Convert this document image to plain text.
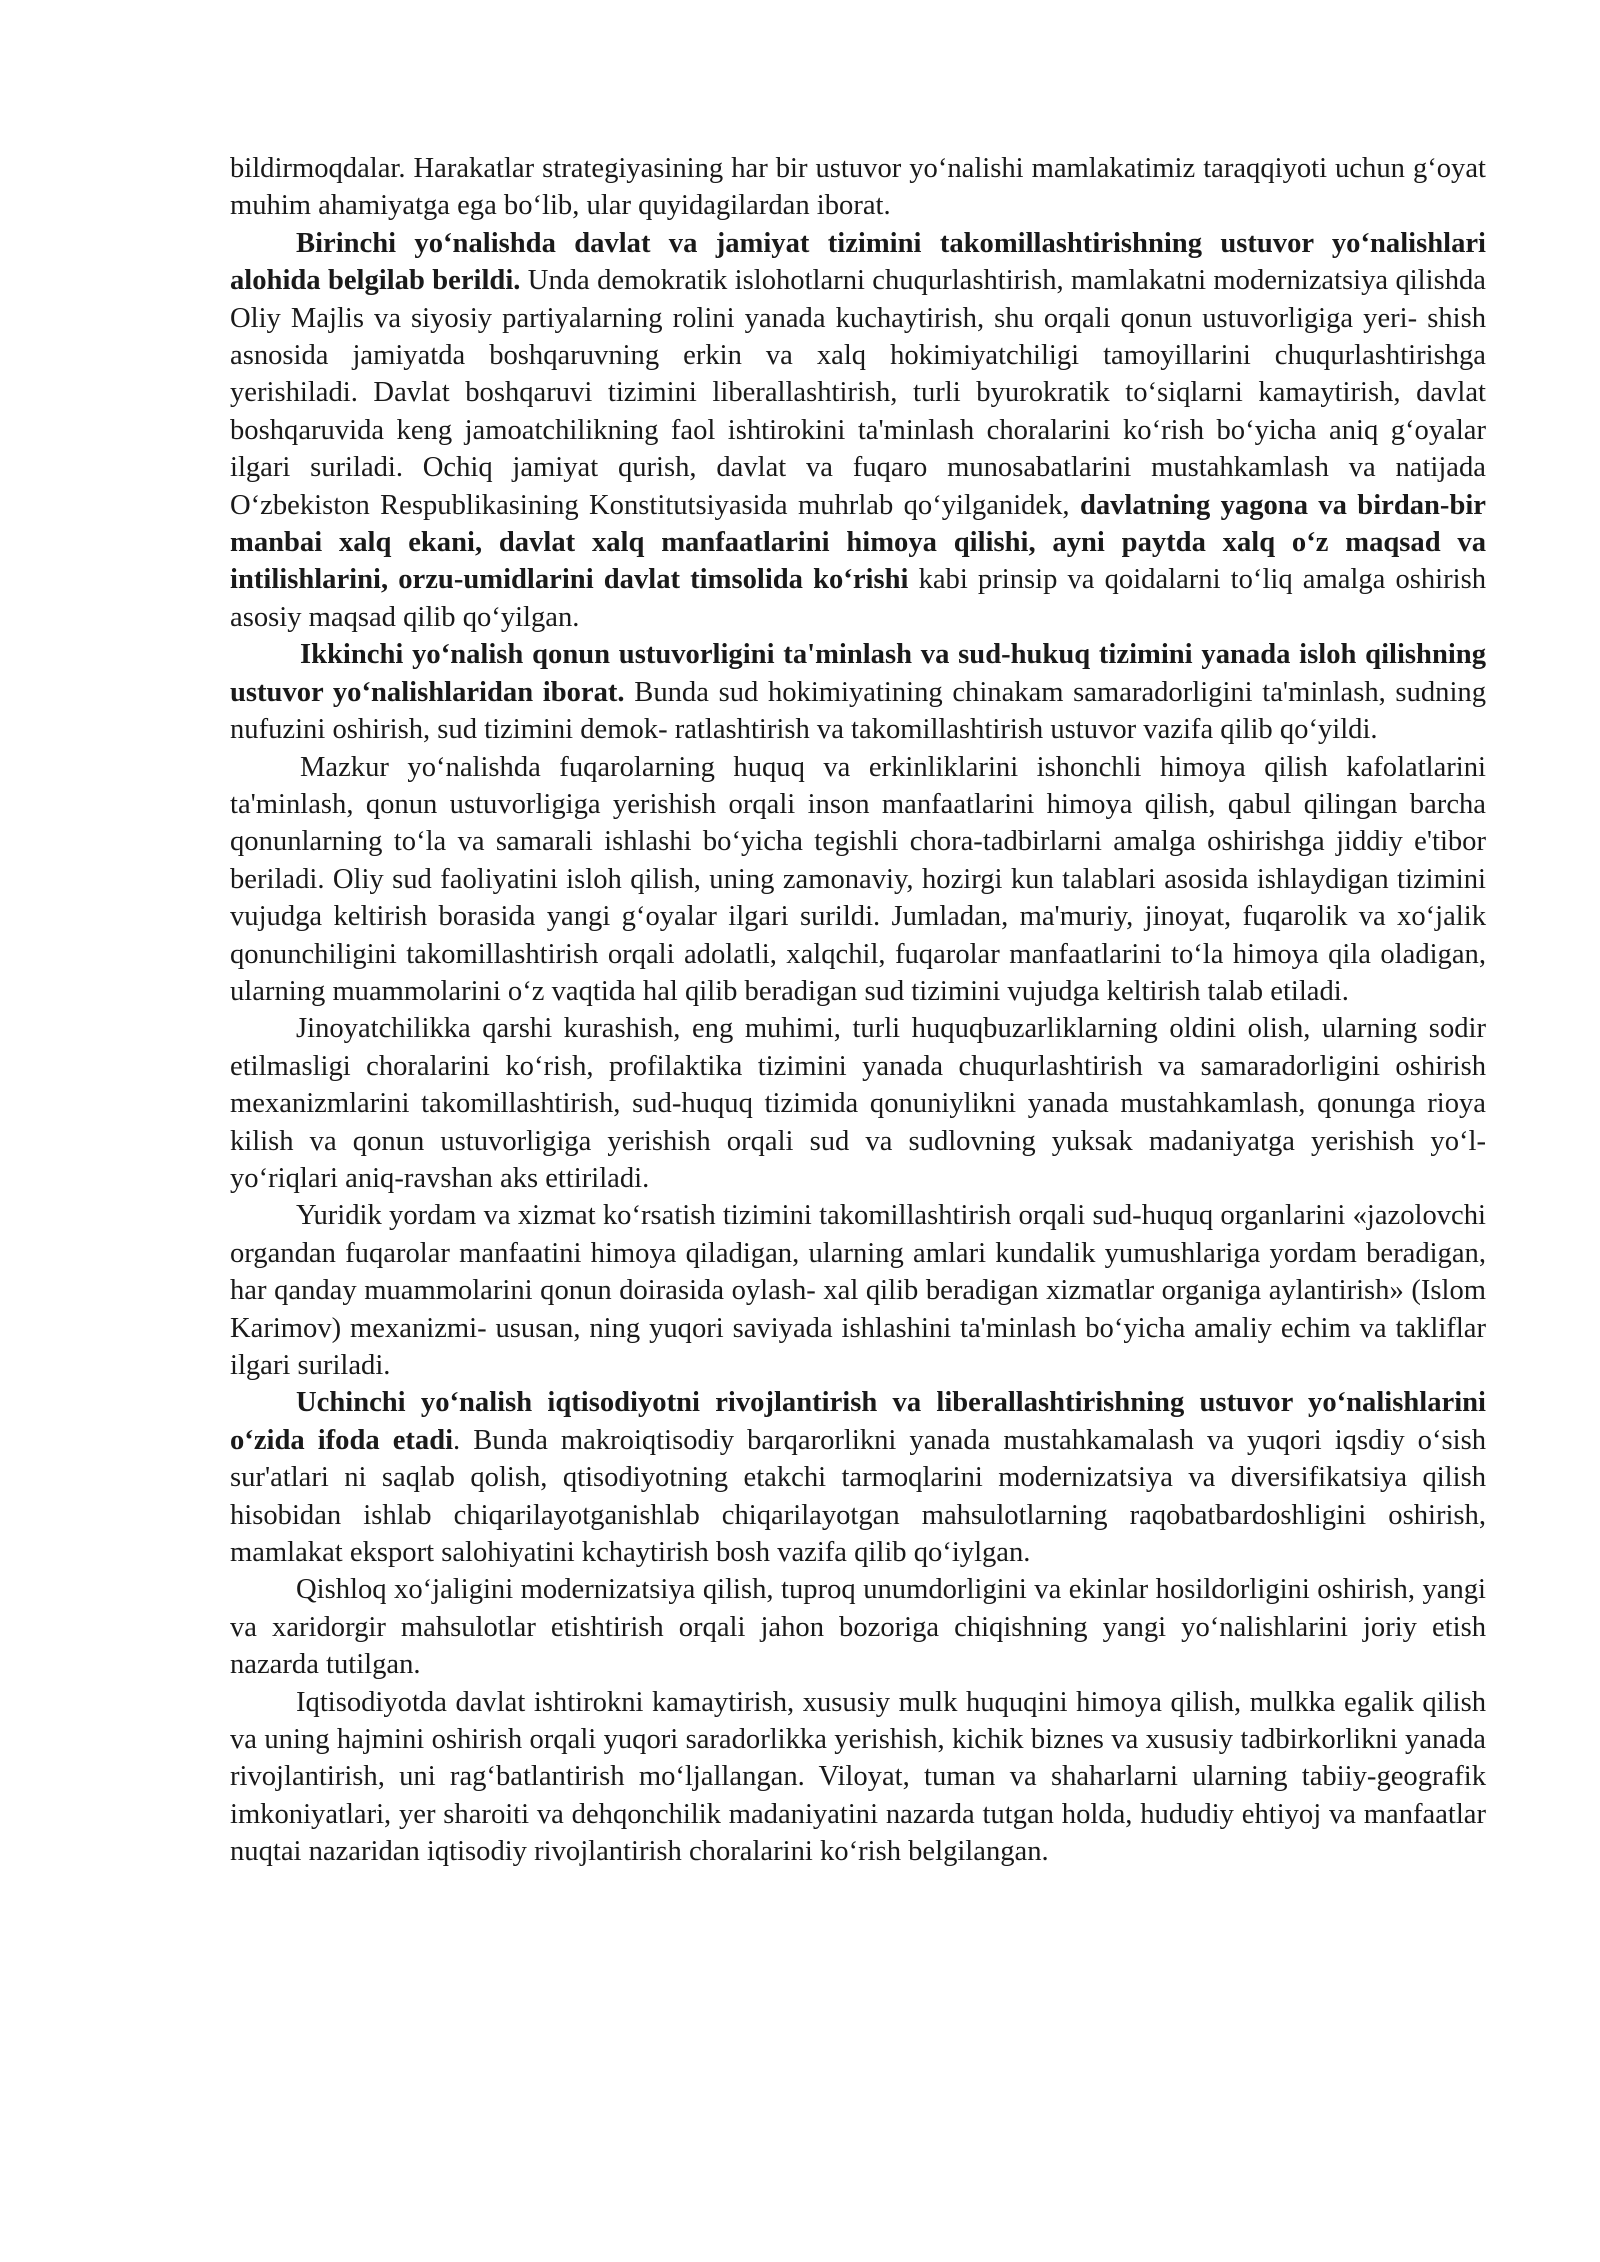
bildirmoqdalar. Harakatlar strategiyasining har bir ustuvor yo‘nalishi mamlakatimiz taraqqiyoti uchun g‘oyat muhim ahamiyatga ega bo‘lib, ular quyidagilardan iborat.

Birinchi yo‘nalishda davlat va jamiyat tizimini takomillashtirishning ustuvor yo‘nalishlari alohida belgilab berildi. Unda demokratik islohotlarni chuqurlashtirish, mamlakatni modernizatsiya qilishda Oliy Majlis va siyosiy partiyalarning rolini yanada kuchaytirish, shu orqali qonun ustuvorligiga yeri- shish asnosida jamiyatda boshqaruvning erkin va xalq hokimiyatchiligi tamoyillarini chuqurlashtirishga yerishiladi. Davlat boshqaruvi tizimini liberallashtirish, turli byurokratik to‘siqlarni kamaytirish, davlat boshqaruvida keng jamoatchilikning faol ishtirokini ta'minlash choralarini ko‘rish bo‘yicha aniq g‘oyalar ilgari suriladi. Ochiq jamiyat qurish, davlat va fuqaro munosabatlarini mustahkamlash va natijada O‘zbekiston Respublikasining Konstitutsiyasida muhrlab qo‘yilganidek, davlatning yagona va birdan-bir manbai xalq ekani, davlat xalq manfaatlarini himoya qilishi, ayni paytda xalq o‘z maqsad va intilishlarini, orzu-umidlarini davlat timsolida ko‘rishi kabi prinsip va qoidalarni to‘liq amalga oshirish asosiy maqsad qilib qo‘yilgan.

Ikkinchi yo‘nalish qonun ustuvorligini ta'minlash va sud-hukuq tizimini yanada isloh qilishning ustuvor yo‘nalishlaridan iborat. Bunda sud hokimiyatining chinakam samaradorligini ta'minlash, sudning nufuzini oshirish, sud tizimini demok- ratlashtirish va takomillashtirish ustuvor vazifa qilib qo‘yildi.

Mazkur yo‘nalishda fuqarolarning huquq va erkinliklarini ishonchli himoya qilish kafolatlarini ta'minlash, qonun ustuvorligiga yerishish orqali inson manfaatlarini himoya qilish, qabul qilingan barcha qonunlarning to‘la va samarali ishlashi bo‘yicha tegishli chora-tadbirlarni amalga oshirishga jiddiy e'tibor beriladi. Oliy sud faoliyatini isloh qilish, uning zamonaviy, hozirgi kun talablari asosida ishlaydigan tizimini vujudga keltirish borasida yangi g‘oyalar ilgari surildi. Jumladan, ma'muriy, jinoyat, fuqarolik va xo‘jalik qonunchiligini takomillashtirish orqali adolatli, xalqchil, fuqarolar manfaatlarini to‘la himoya qila oladigan, ularning muammolarini o‘z vaqtida hal qilib beradigan sud tizimini vujudga keltirish talab etiladi.

Jinoyatchilikka qarshi kurashish, eng muhimi, turli huquqbuzarliklarning oldini olish, ularning sodir etilmasligi choralarini ko‘rish, profilaktika tizimini yanada chuqurlashtirish va samaradorligini oshirish mexanizmlarini takomillashtirish, sud-huquq tizimida qonuniylikni yanada mustahkamlash, qonunga rioya kilish va qonun ustuvorligiga yerishish orqali sud va sudlovning yuksak madaniyatga yerishish yo‘l-yo‘riqlari aniq-ravshan aks ettiriladi.

Yuridik yordam va xizmat ko‘rsatish tizimini takomillashtirish orqali sud-huquq organlarini «jazolovchi organdan fuqarolar manfaatini himoya qiladigan, ularning amlari kundalik yumushlariga yordam beradigan, har qanday muammolarini qonun doirasida oylash- xal qilib beradigan xizmatlar organiga aylantirish» (Islom Karimov) mexanizmi- ususan, ning yuqori saviyada ishlashini ta'minlash bo‘yicha amaliy echim va takliflar ilgari suriladi.

Uchinchi yo‘nalish iqtisodiyotni rivojlantirish va liberallashtirishning ustuvor yo‘nalishlarini o‘zida ifoda etadi. Bunda makroiqtisodiy barqarorlikni yanada mustahkamalash va yuqori iqsdiy o‘sish sur'atlari ni saqlab qolish, qtisodiyotning etakchi tarmoqlarini modernizatsiya va diversifikatsiya qilish hisobidan ishlab chiqarilayotganishlab chiqarilayotgan mahsulotlarning raqobatbardoshligini oshirish, mamlakat eksport salohiyatini kchaytirish bosh vazifa qilib qo‘iylgan.

Qishloq xo‘jaligini modernizatsiya qilish, tuproq unumdorligini va ekinlar hosildorligini oshirish, yangi va xaridorgir mahsulotlar etishtirish orqali jahon bozoriga chiqishning yangi yo‘nalishlarini joriy etish nazarda tutilgan.

Iqtisodiyotda davlat ishtirokni kamaytirish, xususiy mulk huquqini himoya qilish, mulkka egalik qilish va uning hajmini oshirish orqali yuqori saradorlikka yerishish, kichik biznes va xususiy tadbirkorlikni yanada rivojlantirish, uni rag‘batlantirish mo‘ljallangan. Viloyat, tuman va shaharlarni ularning tabiiy-geografik imkoniyatlari, yer sharoiti va dehqonchilik madaniyatini nazarda tutgan holda, hududiy ehtiyoj va manfaatlar nuqtai nazaridan iqtisodiy rivojlantirish choralarini ko‘rish belgilangan.
